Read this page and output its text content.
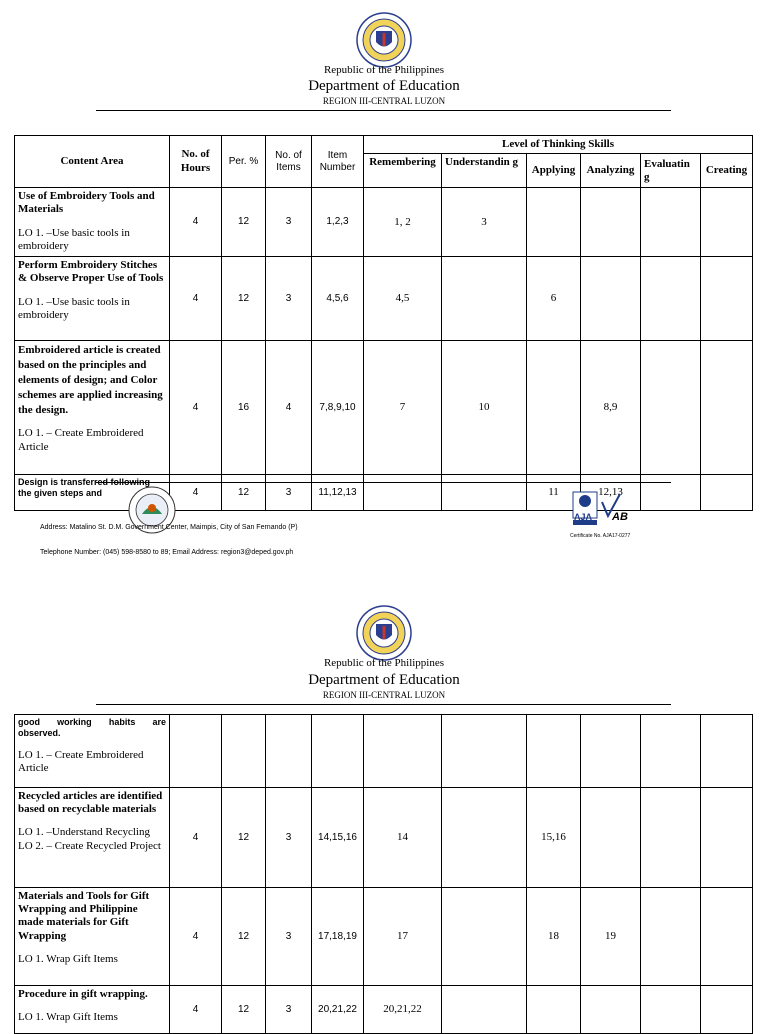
Republic of the Philippines
Department of Education
REGION III-CENTRAL LUZON
Content Area	No. of Hours	Per. %	No. of Items	Item Number	Level of Thinking Skills					
					Remembering	Understandin g	Applying	Analyzing	Evaluatin g	Creating

Use of Embroidery Tools and Materials
LO 1. –Use basic tools in embroidery	4	12	3	1,2,3	1, 2	3				

Perform Embroidery Stitches & Observe Proper Use of Tools
LO 1. –Use basic tools in embroidery	4	12	3	4,5,6	4,5		6			

Embroidered article is created based on the principles and elements of design; and Color schemes are applied increasing the design.
LO 1. – Create Embroidered Article	4	16	4	7,8,9,10	7	10		8,9		
Design is transferred following the given steps and	4	12	3	11,12,13			11	12,13		
Address: Matalino St. D.M. Government Center, Maimpis, City of San Fernando (P)
Telephone Number: (045) 598-8580 to 89; Email Address: region3@deped.gov.ph
AJA AB
Certificate No. AJA17-0277
Republic of the Philippines
Department of Education
REGION III-CENTRAL LUZON
good working habits are observed.
LO 1. – Create Embroidered Article										

Recycled articles are identified based on recyclable materials
LO 1. –Understand Recycling LO 2. – Create Recycled Project	4	12	3	14,15,16	14		15,16			

Materials and Tools for Gift Wrapping and Philippine made materials for Gift Wrapping
LO 1. Wrap Gift Items	4	12	3	17,18,19	17		18	19		

Procedure in gift wrapping.
LO 1. Wrap Gift Items	4	12	3	20,21,22	20,21,22					
